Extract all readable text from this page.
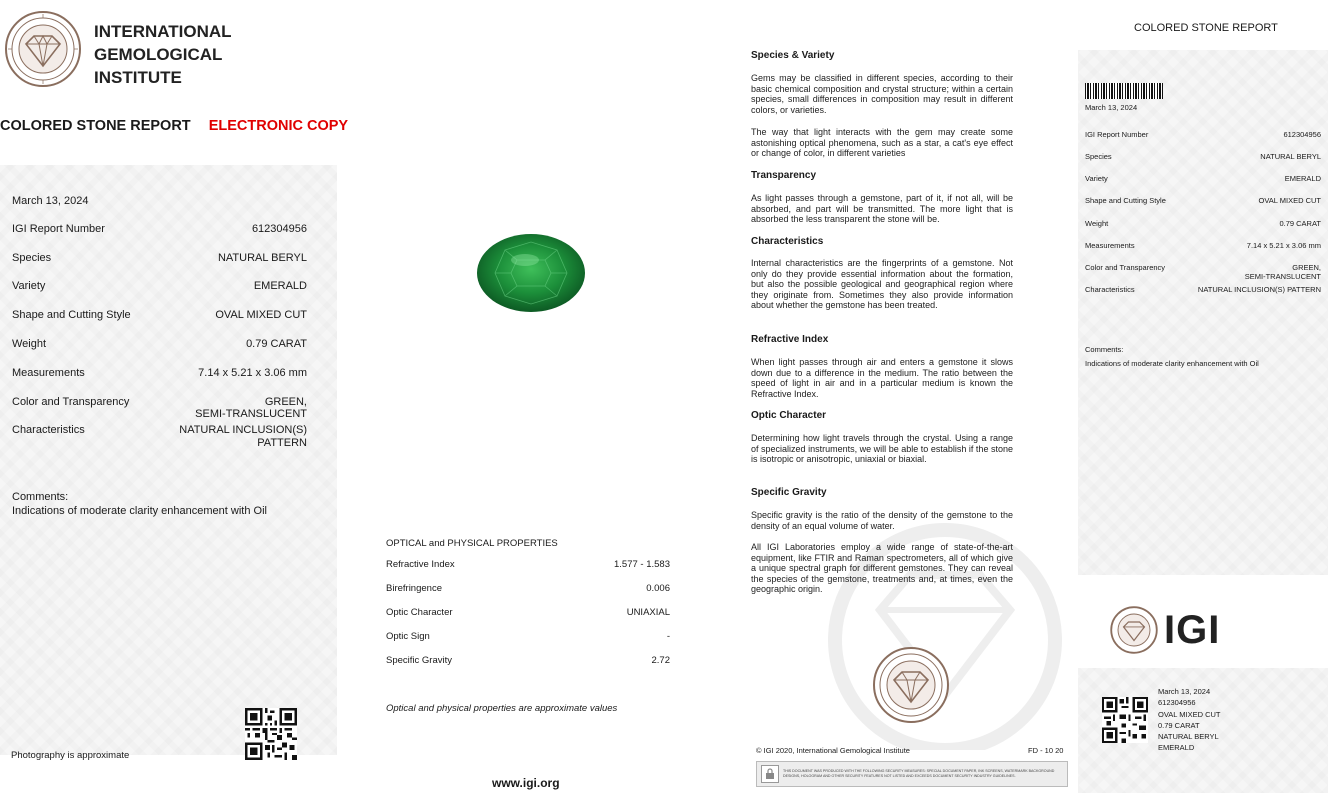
INTERNATIONAL
GEMOLOGICAL
INSTITUTE
COLORED STONE REPORT ELECTRONIC COPY
March 13, 2024
IGI Report Number	612304956
Species	NATURAL BERYL
Variety	EMERALD
Shape and Cutting Style	OVAL MIXED CUT
Weight	0.79 CARAT
Measurements	7.14 x 5.21 x 3.06 mm
Color and Transparency	GREEN,
SEMI-TRANSLUCENT
Characteristics	NATURAL INCLUSION(S)
PATTERN
Comments:
Indications of moderate clarity enhancement with Oil
Photography is approximate
OPTICAL and PHYSICAL PROPERTIES
Refractive Index	1.577 - 1.583
Birefringence	0.006
Optic Character	UNIAXIAL
Optic Sign	-
Specific Gravity	2.72
Optical and physical properties are approximate values
www.igi.org
Species & Variety
Gems may be classified in different species, according to their basic chemical composition and crystal structure; within a certain species, small differences in composition may result in different colors, or varieties.
The way that light interacts with the gem may create some astonishing optical phenomena, such as a star, a cat's eye effect or change of color, in different varieties
Transparency
As light passes through a gemstone, part of it, if not all, will be absorbed, and part will be transmitted. The more light that is absorbed the less transparent the stone will be.
Characteristics
Internal characteristics are the fingerprints of a gemstone. Not only do they provide essential information about the formation, but also the possible geological and geographical region where they originate from. Sometimes they also provide information about whether the gemstone has been treated.
Refractive Index
When light passes through air and enters a gemstone it slows down due to a difference in the medium. The ratio between the speed of light in air and in a particular medium is known the Refractive Index.
Optic Character
Determining how light travels through the crystal. Using a range of specialized instruments, we will be able to establish if the stone is isotropic or anisotropic, uniaxial or biaxial.
Specific Gravity
Specific gravity is the ratio of the density of the gemstone to the density of an equal volume of water.
All IGI Laboratories employ a wide range of state-of-the-art equipment, like FTIR and Raman spectrometers, all of which give a unique spectral graph for different gemstones. They can reveal the species of the gemstone, treatments and, at times, even the geographic origin.
© IGI 2020, International Gemological Institute	FD - 10 20
THIS DOCUMENT WAS PRODUCED WITH THE FOLLOWING SECURITY MEASURES: SPECIAL DOCUMENT PAPER, INK SCREENS, WATERMARK BACKGROUND DESIGNS, HOLOGRAM AND OTHER SECURITY FEATURES NOT LISTED AND EXCEEDS DOCUMENT SECURITY INDUSTRY GUIDELINES.
COLORED STONE REPORT
March 13, 2024
IGI Report Number	612304956
Species	NATURAL BERYL
Variety	EMERALD
Shape and Cutting Style	OVAL MIXED CUT
Weight	0.79 CARAT
Measurements	7.14 x 5.21 x 3.06 mm
Color and Transparency	GREEN,
SEMI-TRANSLUCENT
Characteristics	NATURAL INCLUSION(S) PATTERN
Comments:
Indications of moderate clarity enhancement with Oil
IGI
March 13, 2024
612304956
OVAL MIXED CUT
0.79 CARAT
NATURAL BERYL
EMERALD
